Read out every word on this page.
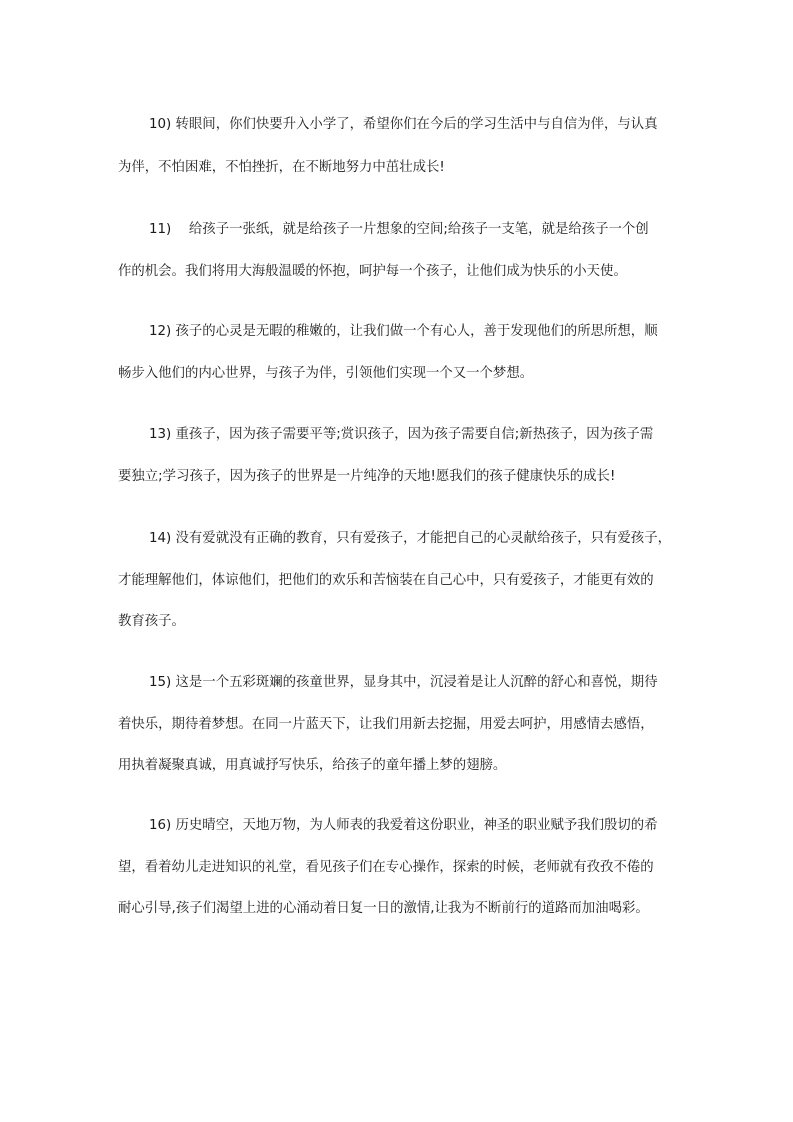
10) 转眼间，你们快要升入小学了，希望你们在今后的学习生活中与自信为伴，与认真
为伴，不怕困难，不怕挫折，在不断地努力中茁壮成长!
11)　 给孩子一张纸，就是给孩子一片想象的空间;给孩子一支笔，就是给孩子一个创
作的机会。我们将用大海般温暖的怀抱，呵护每一个孩子，让他们成为快乐的小天使。
12) 孩子的心灵是无暇的稚嫩的，让我们做一个有心人，善于发现他们的所思所想，顺
畅步入他们的内心世界，与孩子为伴，引领他们实现一个又一个梦想。
13) 重孩子，因为孩子需要平等;赏识孩子，因为孩子需要自信;新热孩子，因为孩子需
要独立;学习孩子，因为孩子的世界是一片纯净的天地!愿我们的孩子健康快乐的成长!
14) 没有爱就没有正确的教育，只有爱孩子，才能把自己的心灵献给孩子，只有爱孩子，
才能理解他们，体谅他们，把他们的欢乐和苦恼装在自己心中，只有爱孩子，才能更有效的
教育孩子。
15) 这是一个五彩斑斓的孩童世界，显身其中，沉浸着是让人沉醉的舒心和喜悦，期待
着快乐，期待着梦想。在同一片蓝天下，让我们用新去挖掘，用爱去呵护，用感情去感悟，
用执着凝聚真诚，用真诚抒写快乐，给孩子的童年播上梦的翅膀。
16) 历史晴空，天地万物，为人师表的我爱着这份职业，神圣的职业赋予我们殷切的希
望，看着幼儿走进知识的礼堂，看见孩子们在专心操作，探索的时候，老师就有孜孜不倦的
耐心引导,孩子们渴望上进的心涌动着日复一日的激情,让我为不断前行的道路而加油喝彩。
